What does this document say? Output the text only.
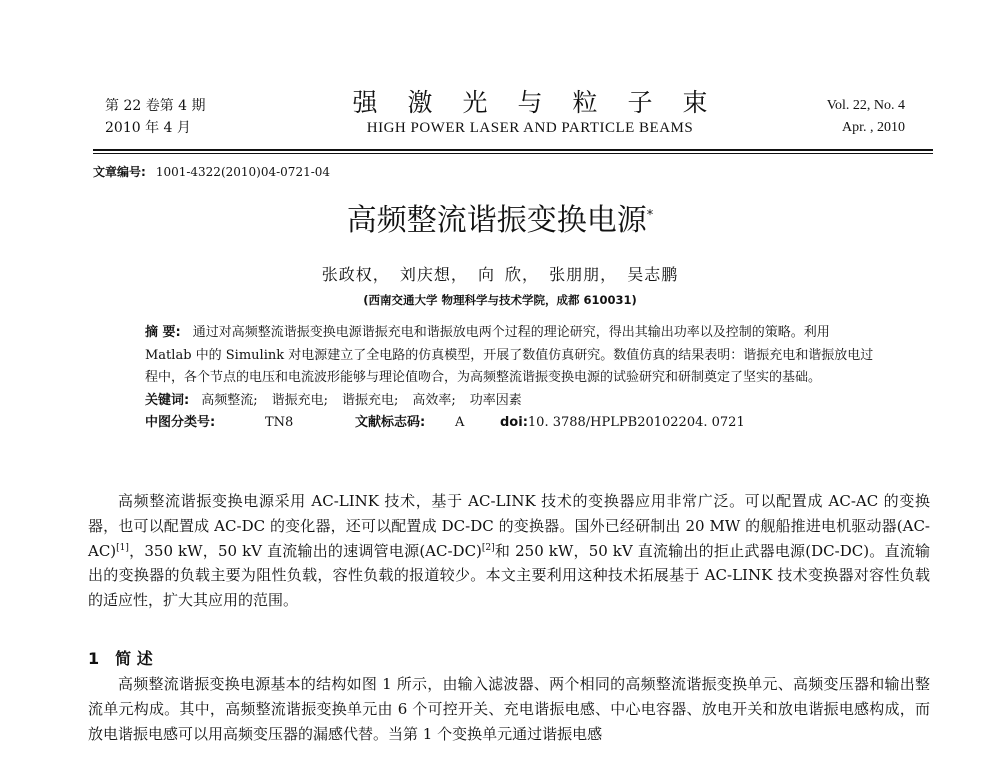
第 22 卷第 4 期
2010 年 4 月
强激光与粒子束
HIGH POWER LASER AND PARTICLE BEAMS
Vol. 22, No. 4
Apr. , 2010
文章编号: 1001-4322(2010)04-0721-04
高频整流谐振变换电源*
张政权， 刘庆想， 向 欣， 张朋朋， 吴志鹏
(西南交通大学 物理科学与技术学院，成都 610031)

摘 要: 通过对高频整流谐振变换电源谐振充电和谐振放电两个过程的理论研究，得出其输出功率以及控制的策略。利用 Matlab 中的 Simulink 对电源建立了全电路的仿真模型，开展了数值仿真研究。数值仿真的结果表明：谐振充电和谐振放电过程中，各个节点的电压和电流波形能够与理论值吻合，为高频整流谐振变换电源的试验研究和研制奠定了坚实的基础。

关键词: 高频整流; 谐振充电; 谐振充电; 高效率; 功率因素

中图分类号:	TN8	文献标志码: A	doi:10. 3788/HPLPB20102204. 0721

高频整流谐振变换电源采用 AC-LINK 技术，基于 AC-LINK 技术的变换器应用非常广泛。可以配置成 AC-AC 的变换器，也可以配置成 AC-DC 的变化器，还可以配置成 DC-DC 的变换器。国外已经研制出 20 MW 的舰船推进电机驱动器(AC-AC)[1]，350 kW，50 kV 直流输出的速调管电源(AC-DC)[2]和 250 kW，50 kV 直流输出的拒止武器电源(DC-DC)。直流输出的变换器的负载主要为阻性负载，容性负载的报道较少。本文主要利用这种技术拓展基于 AC-LINK 技术变换器对容性负载的适应性，扩大其应用的范围。

1 简 述

高频整流谐振变换电源基本的结构如图 1 所示，由输入滤波器、两个相同的高频整流谐振变换单元、高频变压器和输出整流单元构成。其中，高频整流谐振变换单元由 6 个可控开关、充电谐振电感、中心电容器、放电开关和放电谐振电感构成，而放电谐振电感可以用高频变压器的漏感代替。当第 1 个变换单元通过谐振电感
